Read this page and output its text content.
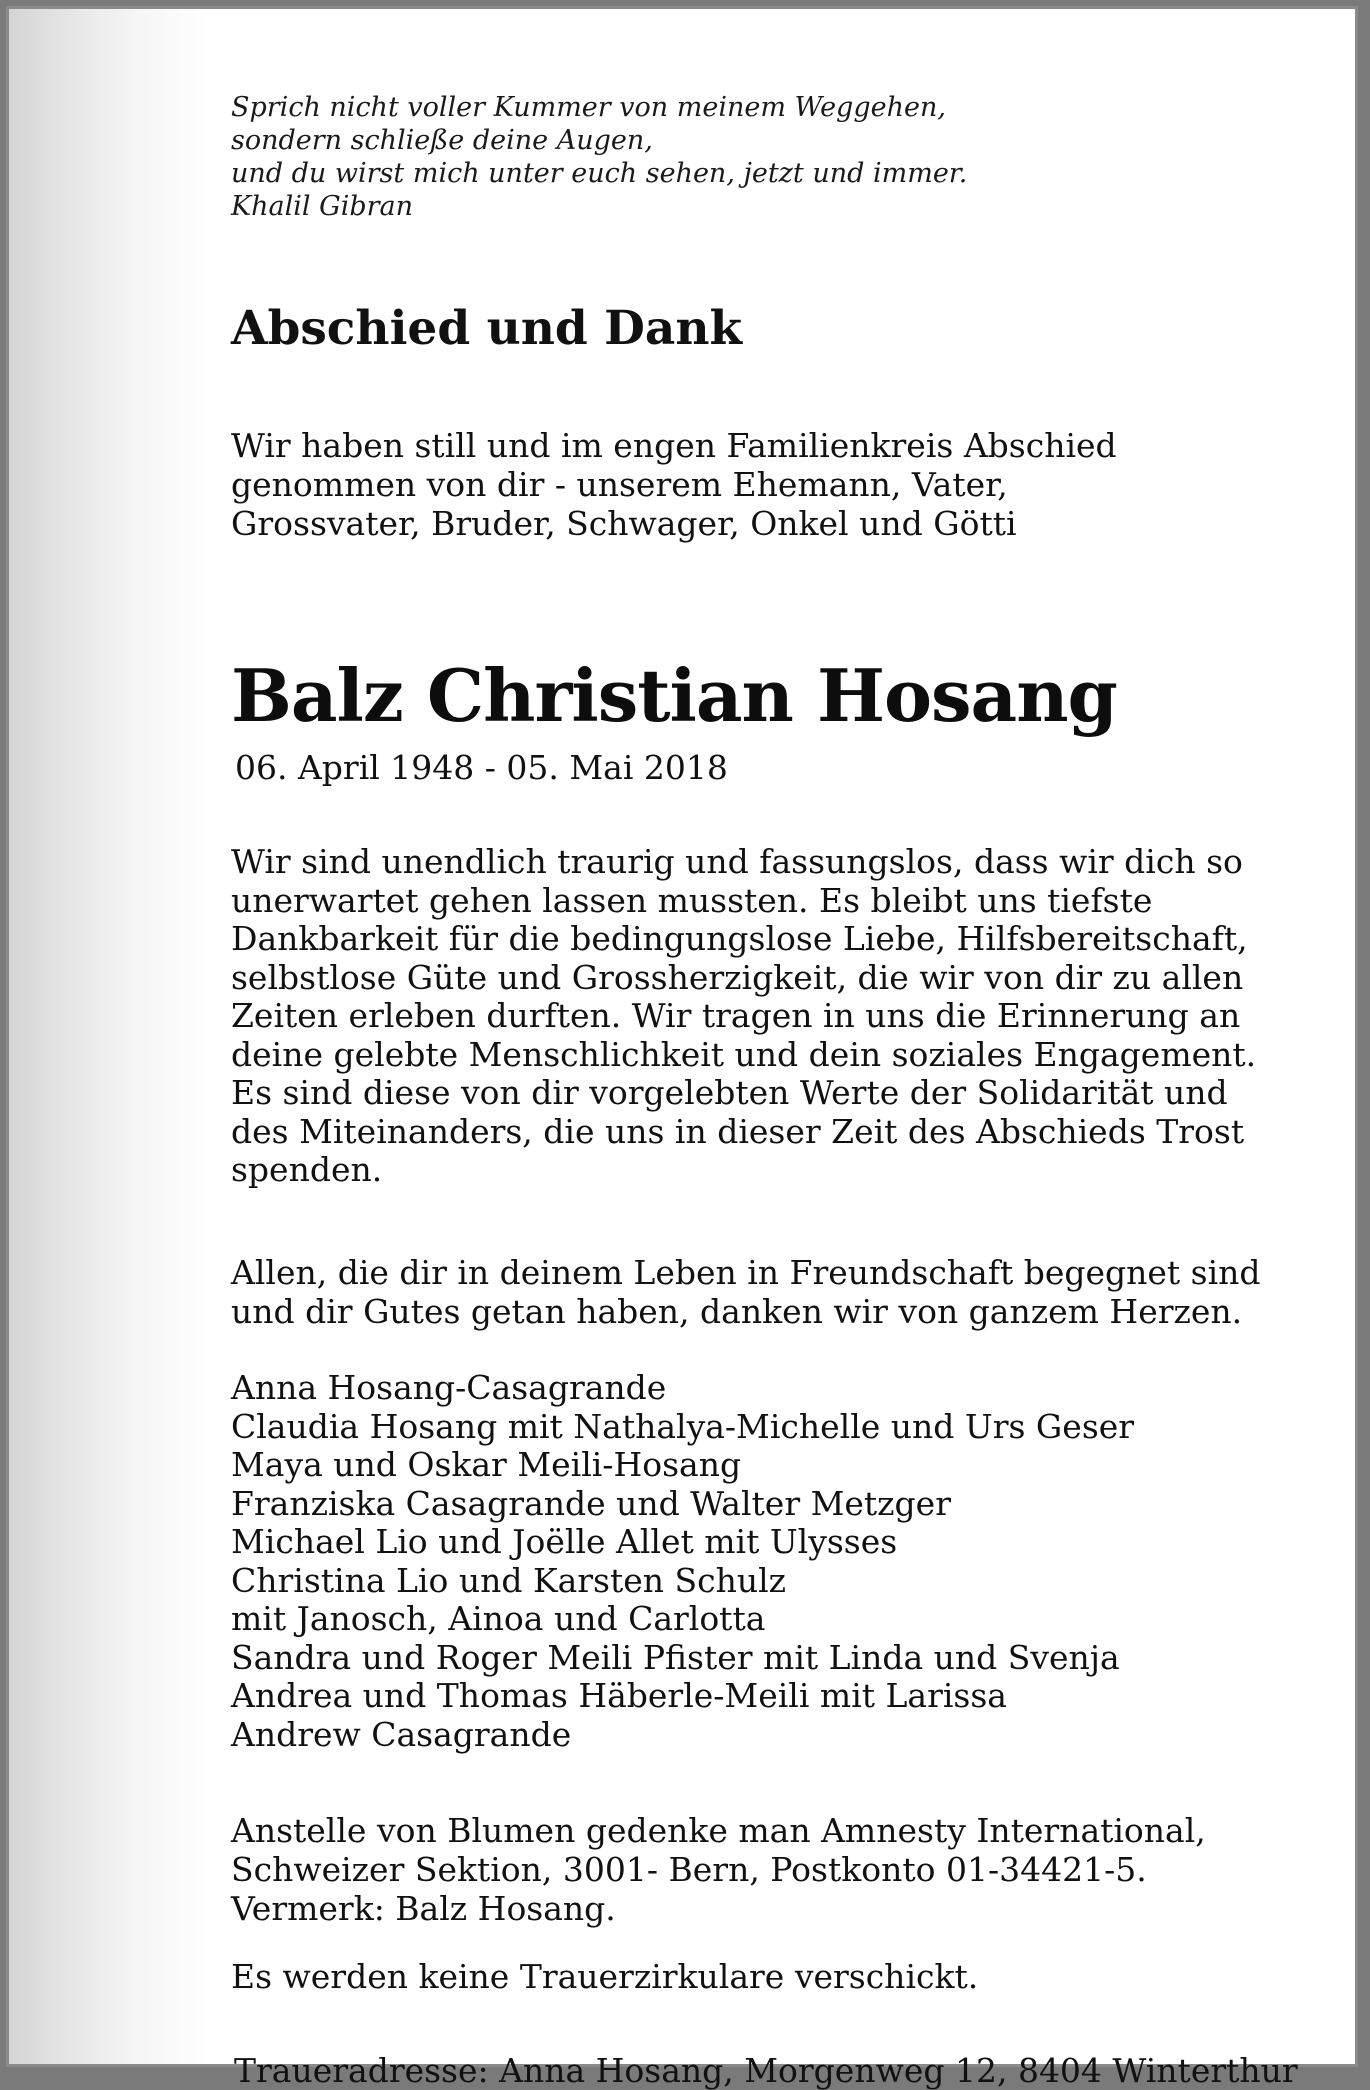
Sprich nicht voller Kummer von meinem Weggehen,
sondern schließe deine Augen,
und du wirst mich unter euch sehen, jetzt und immer.
Khalil Gibran

Abschied und Dank

Wir haben still und im engen Familienkreis Abschied
genommen von dir - unserem Ehemann, Vater,
Grossvater, Bruder, Schwager, Onkel und Götti

Balz Christian Hosang

06. April 1948 - 05. Mai 2018

Wir sind unendlich traurig und fassungslos, dass wir dich so
unerwartet gehen lassen mussten. Es bleibt uns tiefste
Dankbarkeit für die bedingungslose Liebe, Hilfsbereitschaft,
selbstlose Güte und Grossherzigkeit, die wir von dir zu allen
Zeiten erleben durften. Wir tragen in uns die Erinnerung an
deine gelebte Menschlichkeit und dein soziales Engagement.
Es sind diese von dir vorgelebten Werte der Solidarität und
des Miteinanders, die uns in dieser Zeit des Abschieds Trost
spenden.

Allen, die dir in deinem Leben in Freundschaft begegnet sind
und dir Gutes getan haben, danken wir von ganzem Herzen.

Anna Hosang-Casagrande
Claudia Hosang mit Nathalya-Michelle und Urs Geser
Maya und Oskar Meili-Hosang
Franziska Casagrande und Walter Metzger
Michael Lio und Joëlle Allet mit Ulysses
Christina Lio und Karsten Schulz
mit Janosch, Ainoa und Carlotta
Sandra und Roger Meili Pfister mit Linda und Svenja
Andrea und Thomas Häberle-Meili mit Larissa
Andrew Casagrande

Anstelle von Blumen gedenke man Amnesty International,
Schweizer Sektion, 3001- Bern, Postkonto 01-34421-5.
Vermerk: Balz Hosang.

Es werden keine Trauerzirkulare verschickt.

Traueradresse: Anna Hosang, Morgenweg 12, 8404 Winterthur
